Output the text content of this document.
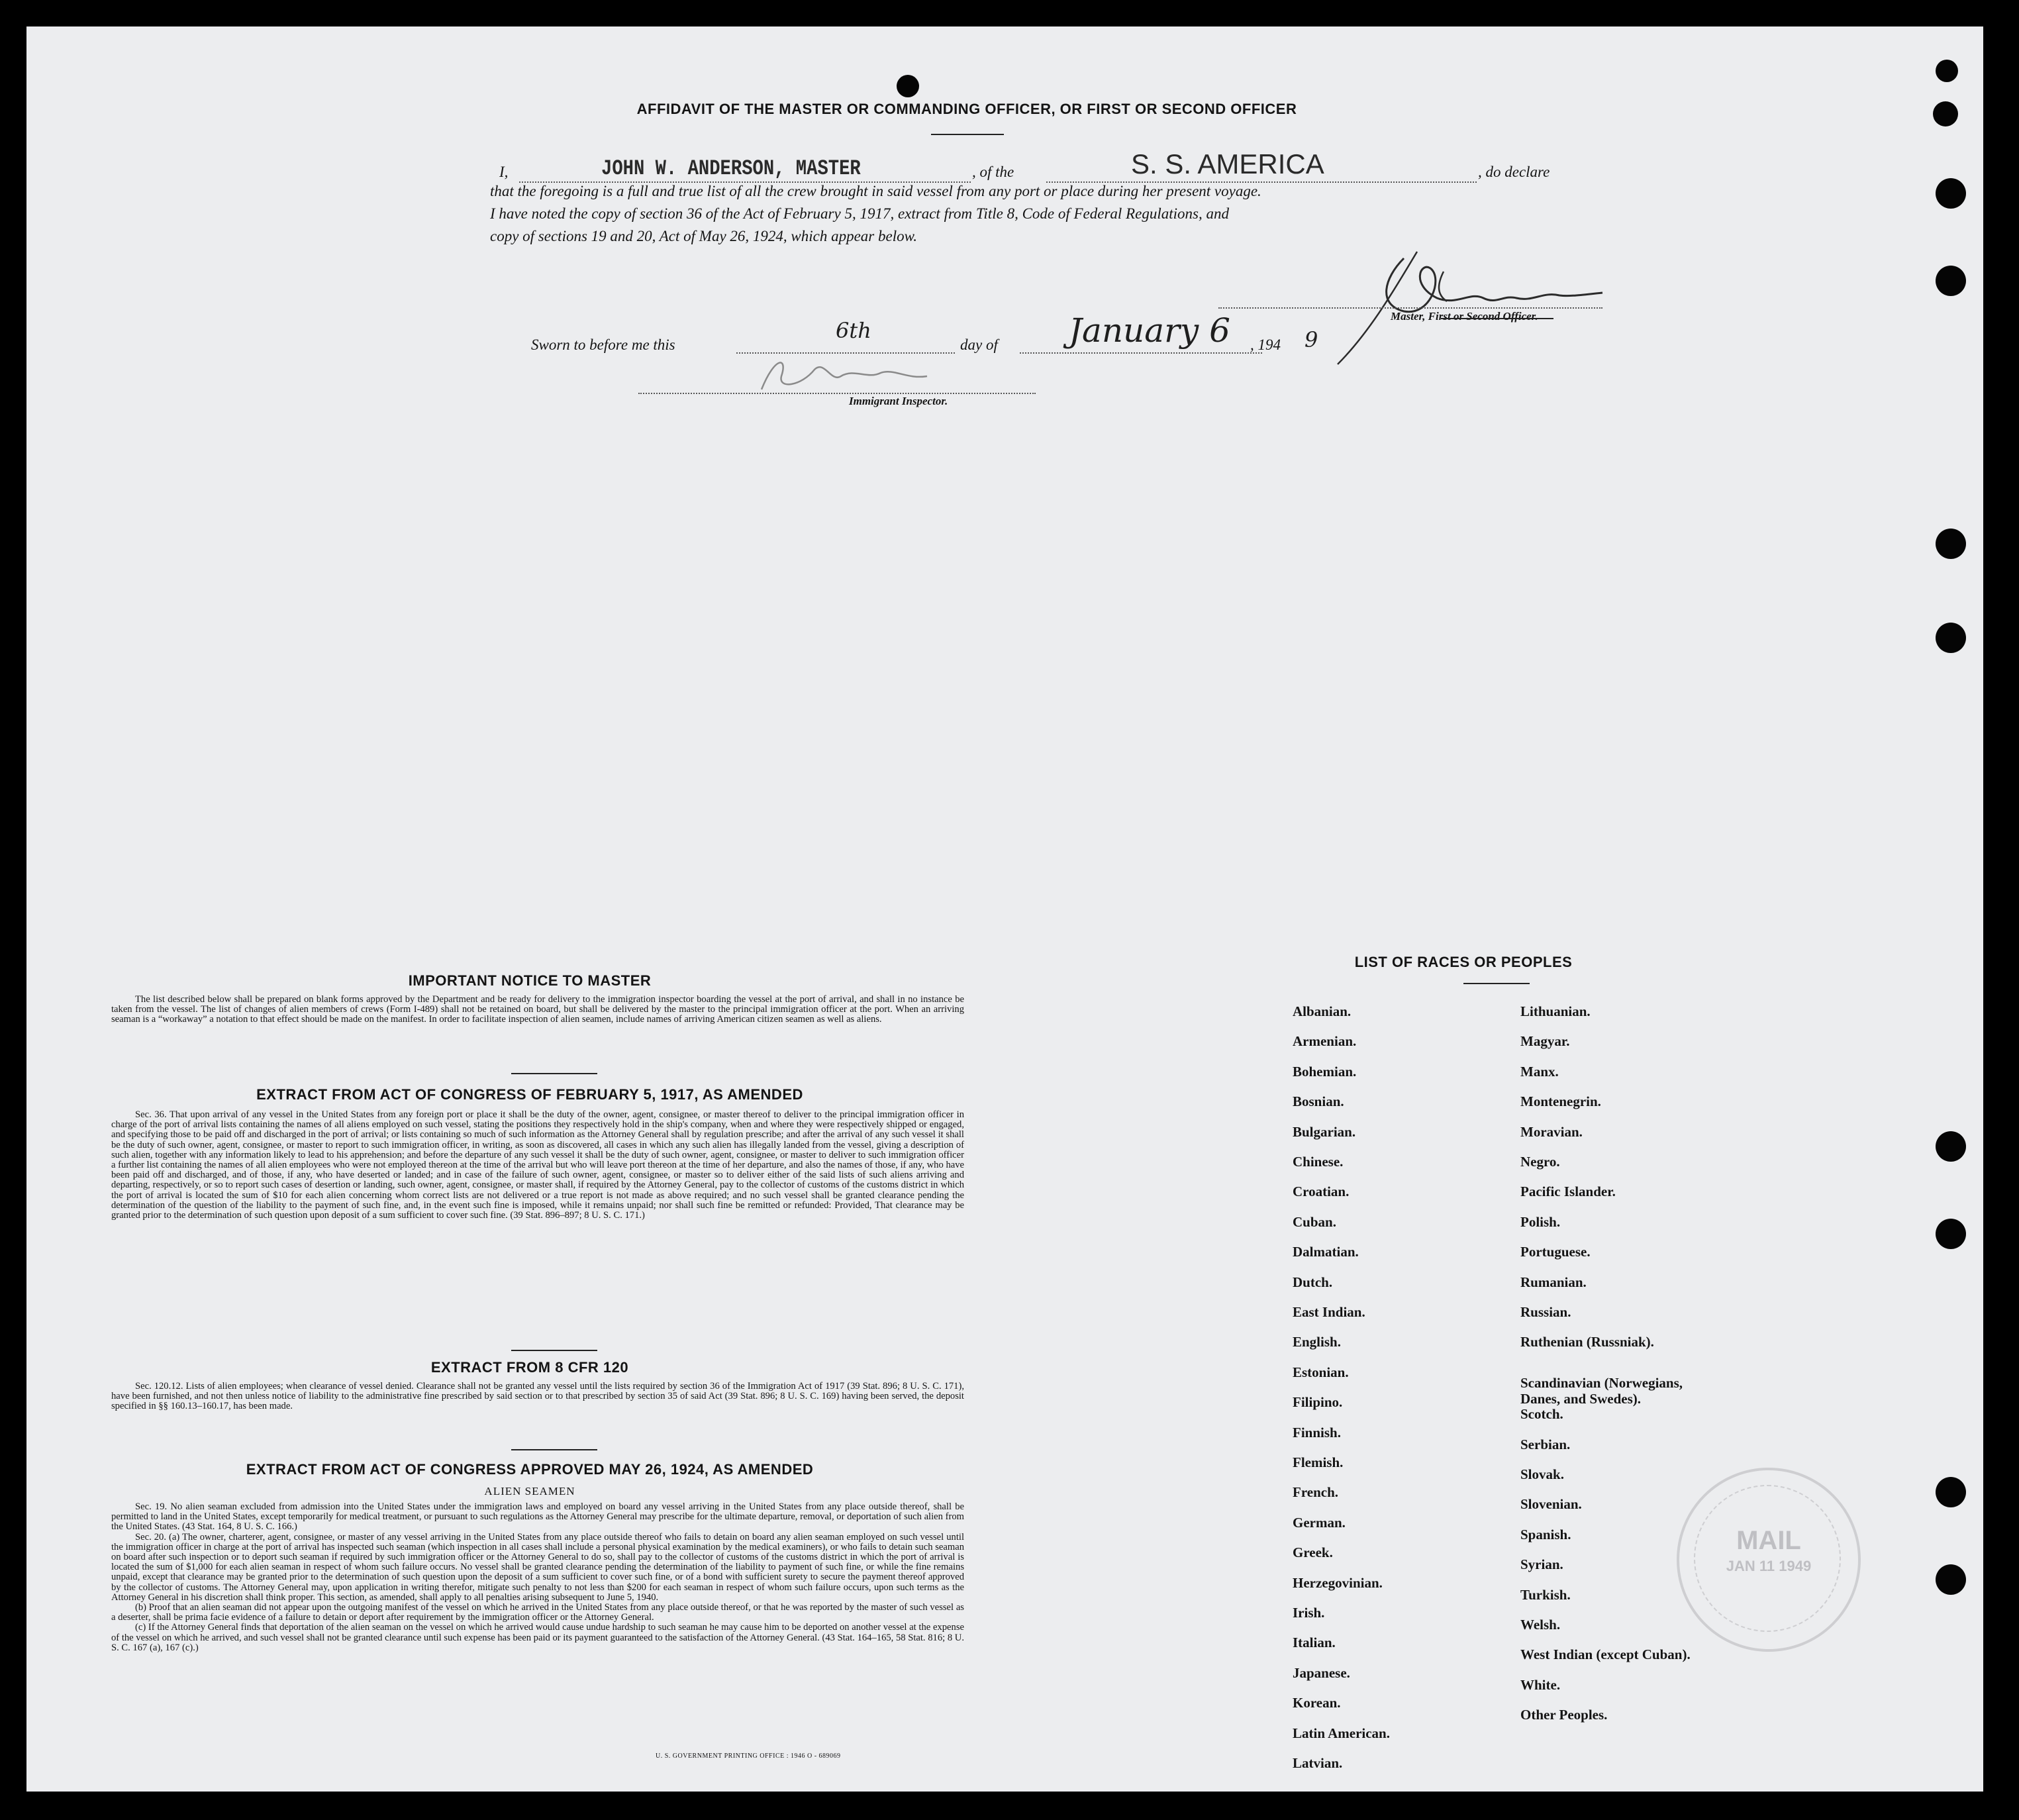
AFFIDAVIT OF THE MASTER OR COMMANDING OFFICER, OR FIRST OR SECOND OFFICER
I,	JOHN W. ANDERSON, MASTER	, of the	S. S. AMERICA	, do declare
that the foregoing is a full and true list of all the crew brought in said vessel from any port or place during her present voyage.
I have noted the copy of section 36 of the Act of February 5, 1917, extract from Title 8, Code of Federal Regulations, and
copy of sections 19 and 20, Act of May 26, 1924, which appear below.
Master, First or Second Officer.
Sworn to before me this
6th
day of January 6 , 194 9
Immigrant Inspector.
IMPORTANT NOTICE TO MASTER
The list described below shall be prepared on blank forms approved by the Department and be ready for delivery to the immigration inspector boarding the vessel at the port of arrival, and shall in no instance be taken from the vessel. The list of changes of alien members of crews (Form I-489) shall not be retained on board, but shall be delivered by the master to the principal immigration officer at the port. When an arriving seaman is a “workaway” a notation to that effect should be made on the manifest. In order to facilitate inspection of alien seamen, include names of arriving American citizen seamen as well as aliens.
EXTRACT FROM ACT OF CONGRESS OF FEBRUARY 5, 1917, AS AMENDED
Sec. 36. That upon arrival of any vessel in the United States from any foreign port or place it shall be the duty of the owner, agent, consignee, or master thereof to deliver to the principal immigration officer in charge of the port of arrival lists containing the names of all aliens employed on such vessel, stating the positions they respectively hold in the ship's company, when and where they were respectively shipped or engaged, and specifying those to be paid off and discharged in the port of arrival; or lists containing so much of such information as the Attorney General shall by regulation prescribe; and after the arrival of any such vessel it shall be the duty of such owner, agent, consignee, or master to report to such immigration officer, in writing, as soon as discovered, all cases in which any such alien has illegally landed from the vessel, giving a description of such alien, together with any information likely to lead to his apprehension; and before the departure of any such vessel it shall be the duty of such owner, agent, consignee, or master to deliver to such immigration officer a further list containing the names of all alien employees who were not employed thereon at the time of the arrival but who will leave port thereon at the time of her departure, and also the names of those, if any, who have been paid off and discharged, and of those, if any, who have deserted or landed; and in case of the failure of such owner, agent, consignee, or master so to deliver either of the said lists of such aliens arriving and departing, respectively, or so to report such cases of desertion or landing, such owner, agent, consignee, or master shall, if required by the Attorney General, pay to the collector of customs of the customs district in which the port of arrival is located the sum of $10 for each alien concerning whom correct lists are not delivered or a true report is not made as above required; and no such vessel shall be granted clearance pending the determination of the question of the liability to the payment of such fine, and, in the event such fine is imposed, while it remains unpaid; nor shall such fine be remitted or refunded: Provided, That clearance may be granted prior to the determination of such question upon deposit of a sum sufficient to cover such fine. (39 Stat. 896–897; 8 U. S. C. 171.)
EXTRACT FROM 8 CFR 120
Sec. 120.12. Lists of alien employees; when clearance of vessel denied. Clearance shall not be granted any vessel until the lists required by section 36 of the Immigration Act of 1917 (39 Stat. 896; 8 U. S. C. 171), have been furnished, and not then unless notice of liability to the administrative fine prescribed by said section or to that prescribed by section 35 of said Act (39 Stat. 896; 8 U. S. C. 169) having been served, the deposit specified in §§ 160.13–160.17, has been made.
EXTRACT FROM ACT OF CONGRESS APPROVED MAY 26, 1924, AS AMENDED
ALIEN SEAMEN
Sec. 19. No alien seaman excluded from admission into the United States under the immigration laws and employed on board any vessel arriving in the United States from any place outside thereof, shall be permitted to land in the United States, except temporarily for medical treatment, or pursuant to such regulations as the Attorney General may prescribe for the ultimate departure, removal, or deportation of such alien from the United States. (43 Stat. 164, 8 U. S. C. 166.)
Sec. 20. (a) The owner, charterer, agent, consignee, or master of any vessel arriving in the United States from any place outside thereof who fails to detain on board any alien seaman employed on such vessel until the immigration officer in charge at the port of arrival has inspected such seaman (which inspection in all cases shall include a personal physical examination by the medical examiners), or who fails to detain such seaman on board after such inspection or to deport such seaman if required by such immigration officer or the Attorney General to do so, shall pay to the collector of customs of the customs district in which the port of arrival is located the sum of $1,000 for each alien seaman in respect of whom such failure occurs. No vessel shall be granted clearance pending the determination of the liability to payment of such fine, or while the fine remains unpaid, except that clearance may be granted prior to the determination of such question upon the deposit of a sum sufficient to cover such fine, or of a bond with sufficient surety to secure the payment thereof approved by the collector of customs. The Attorney General may, upon application in writing therefor, mitigate such penalty to not less than $200 for each seaman in respect of whom such failure occurs, upon such terms as the Attorney General in his discretion shall think proper. This section, as amended, shall apply to all penalties arising subsequent to June 5, 1940.
(b) Proof that an alien seaman did not appear upon the outgoing manifest of the vessel on which he arrived in the United States from any place outside thereof, or that he was reported by the master of such vessel as a deserter, shall be prima facie evidence of a failure to detain or deport after requirement by the immigration officer or the Attorney General.
(c) If the Attorney General finds that deportation of the alien seaman on the vessel on which he arrived would cause undue hardship to such seaman he may cause him to be deported on another vessel at the expense of the vessel on which he arrived, and such vessel shall not be granted clearance until such expense has been paid or its payment guaranteed to the satisfaction of the Attorney General. (43 Stat. 164–165, 58 Stat. 816; 8 U. S. C. 167 (a), 167 (c).)
U. S. GOVERNMENT PRINTING OFFICE : 1946 O - 689069
LIST OF RACES OR PEOPLES
MAIL
JAN 11 1949
Albanian.
Armenian.
Bohemian.
Bosnian.
Bulgarian.
Chinese.
Croatian.
Cuban.
Dalmatian.
Dutch.
East Indian.
English.
Estonian.
Filipino.
Finnish.
Flemish.
French.
German.
Greek.
Herzegovinian.
Irish.
Italian.
Japanese.
Korean.
Latin American.
Latvian.
Lithuanian.
Magyar.
Manx.
Montenegrin.
Moravian.
Negro.
Pacific Islander.
Polish.
Portuguese.
Rumanian.
Russian.
Ruthenian (Russniak).
Scandinavian (Norwegians,
Danes, and Swedes).
Scotch.
Serbian.
Slovak.
Slovenian.
Spanish.
Syrian.
Turkish.
Welsh.
West Indian (except Cuban).
White.
Other Peoples.
